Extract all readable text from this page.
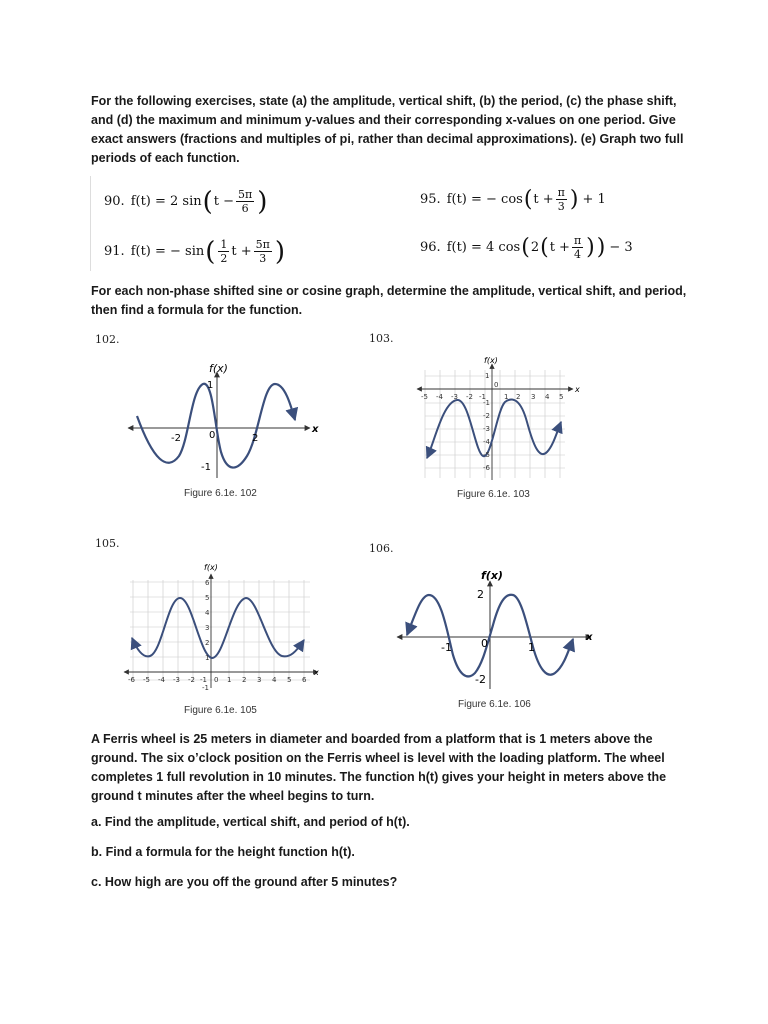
For the following exercises, state (a) the amplitude, vertical shift, (b) the period, (c) the phase shift, and (d) the maximum and minimum y-values and their corresponding x-values on one period. Give exact answers (fractions and multiples of pi, rather than decimal approximations). (e) Graph two full periods of each function.

90. f(t) = 2 sin ( $t - \frac{5\pi}{6}$ )
91. f(t) = − sin ( $\frac{1}{2}$ $t + \frac{5\pi}{3}$ )
95. f(t) = − cos ( $t + \frac{\pi}{3}$ ) + 1
96. f(t) = 4 cos ( 2 ( $t + \frac{\pi}{4}$ ) ) − 3

For each non-phase shifted sine or cosine graph, determine the amplitude, vertical shift, and period, then find a formula for the function.

102.	103.
105.	106.
f(x)
x
1
-1
-2	0	2
Figure 6.1e. 102
f(x)
x
-5 -4 -3 -2 -1
0
1 2 3 4 5
1
-1
-2
-3
-4
-5
-6
Figure 6.1e. 103
f(x)
x
-6 -5 -4 -3 -2 -1 0 1 2 3 4 5 6
6
5
4
3
2
1
-1
Figure 6.1e. 105
f(x)
x
2
-2
-1	0	1
Figure 6.1e. 106

A Ferris wheel is 25 meters in diameter and boarded from a platform that is 1 meters above the ground. The six o’clock position on the Ferris wheel is level with the loading platform. The wheel completes 1 full revolution in 10 minutes. The function h(t) gives your height in meters above the ground t minutes after the wheel begins to turn.

a. Find the amplitude, vertical shift, and period of h(t).
b. Find a formula for the height function h(t).
c. How high are you off the ground after 5 minutes?
